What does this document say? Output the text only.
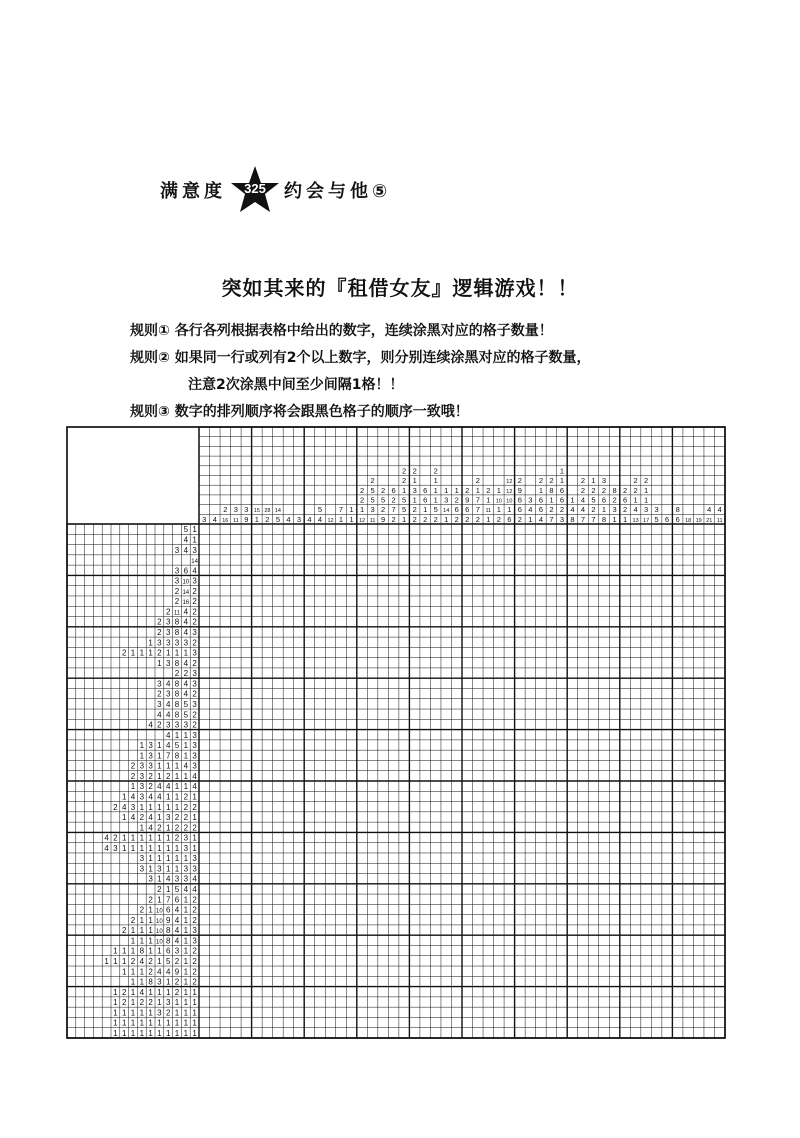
满意度	325	约会与他⑤
突如其来的『租借女友』逻辑游戏！！
规则① 各行各列根据表格中给出的数字，连续涂黑对应的格子数量！
规则② 如果同一行或列有2个以上数字，则分别连续涂黑对应的格子数量，
注意2次涂黑中间至少间隔1格！！
规则③ 数字的排列顺序将会跟黑色格子的顺序一致哦！
3 4
2
16
3
11
3
9
15
1
28
2
14
5 4 3 4
5
4 12
7
1
1
1
2
2
1
12
2
5
5
3
11
2
5
2
9
6
2
7
2
2
2
1
5
5
1
2
1
3
1
2
2
6
6
1
2
2
1
1
1
5
2
1
3
14
1
1
2
6
2
2
9
6
2
2
1
7
7
2
2
1
11
1
1
10
1
2
12
12
10
1
6
2
9
6
6
2
3
4
1
2
1
6
6
4
2
8
1
2
7
1
1
6
6
2
3
1
4
8
2
2
4
4
7
1
2
5
2
7
3
2
6
1
8
8
2
3
1
2
6
2
1
2
2
1
4
13
2
1
1
3
17
3
5 6
8
6 18 19
4
21
4
11
5 1
4 1
3 4 3
14
3 6 4
3 10 3
2 14 2
2 16 2
2 11 4 2
2 3 8 4 2
2 3 8 4 3
1 3 3 3 3 2
2 1 1 1 2 1 1 1 3
1 3 8 4 2
2 2 3
3 4 8 4 3
2 3 8 4 2
3 4 8 5 3
4 4 8 5 2
4 2 3 3 3 2
4 1 1 3
1 3 1 4 5 1 3
1 3 1 7 8 1 3
2 3 3 1 1 1 4 3
2 3 2 1 2 1 1 4
1 3 2 4 4 1 1 4
1 4 3 4 4 1 1 2 1
2 4 3 1 1 1 1 1 2 2
1 4 2 4 1 3 2 2 1
1 4 2 1 2 2 2
4 2 1 1 1 1 1 1 2 3 1
4 3 1 1 1 1 1 1 1 3 1
3 1 1 1 1 1 3
3 1 3 1 1 3 3
3 1 4 3 3 4
2 1 5 4 4
2 1 7 6 1 2
2 1 10 6 4 1 2
2 1 1 10 9 4 1 2
2 1 1 1 10 8 4 1 3
1 1 1 10 8 4 1 3
1 1 1 8 1 1 6 3 1 2
1 1 1 2 4 2 1 5 2 1 2
1 1 1 2 4 4 9 1 2
1 1 8 3 1 2 1 2
1 2 1 4 1 1 1 2 1 1
1 2 1 2 2 1 3 1 1 1
1 1 1 1 1 3 2 1 1 1
1 1 1 1 1 1 1 1 1 1
1 1 1 1 1 1 1 1 1 1
